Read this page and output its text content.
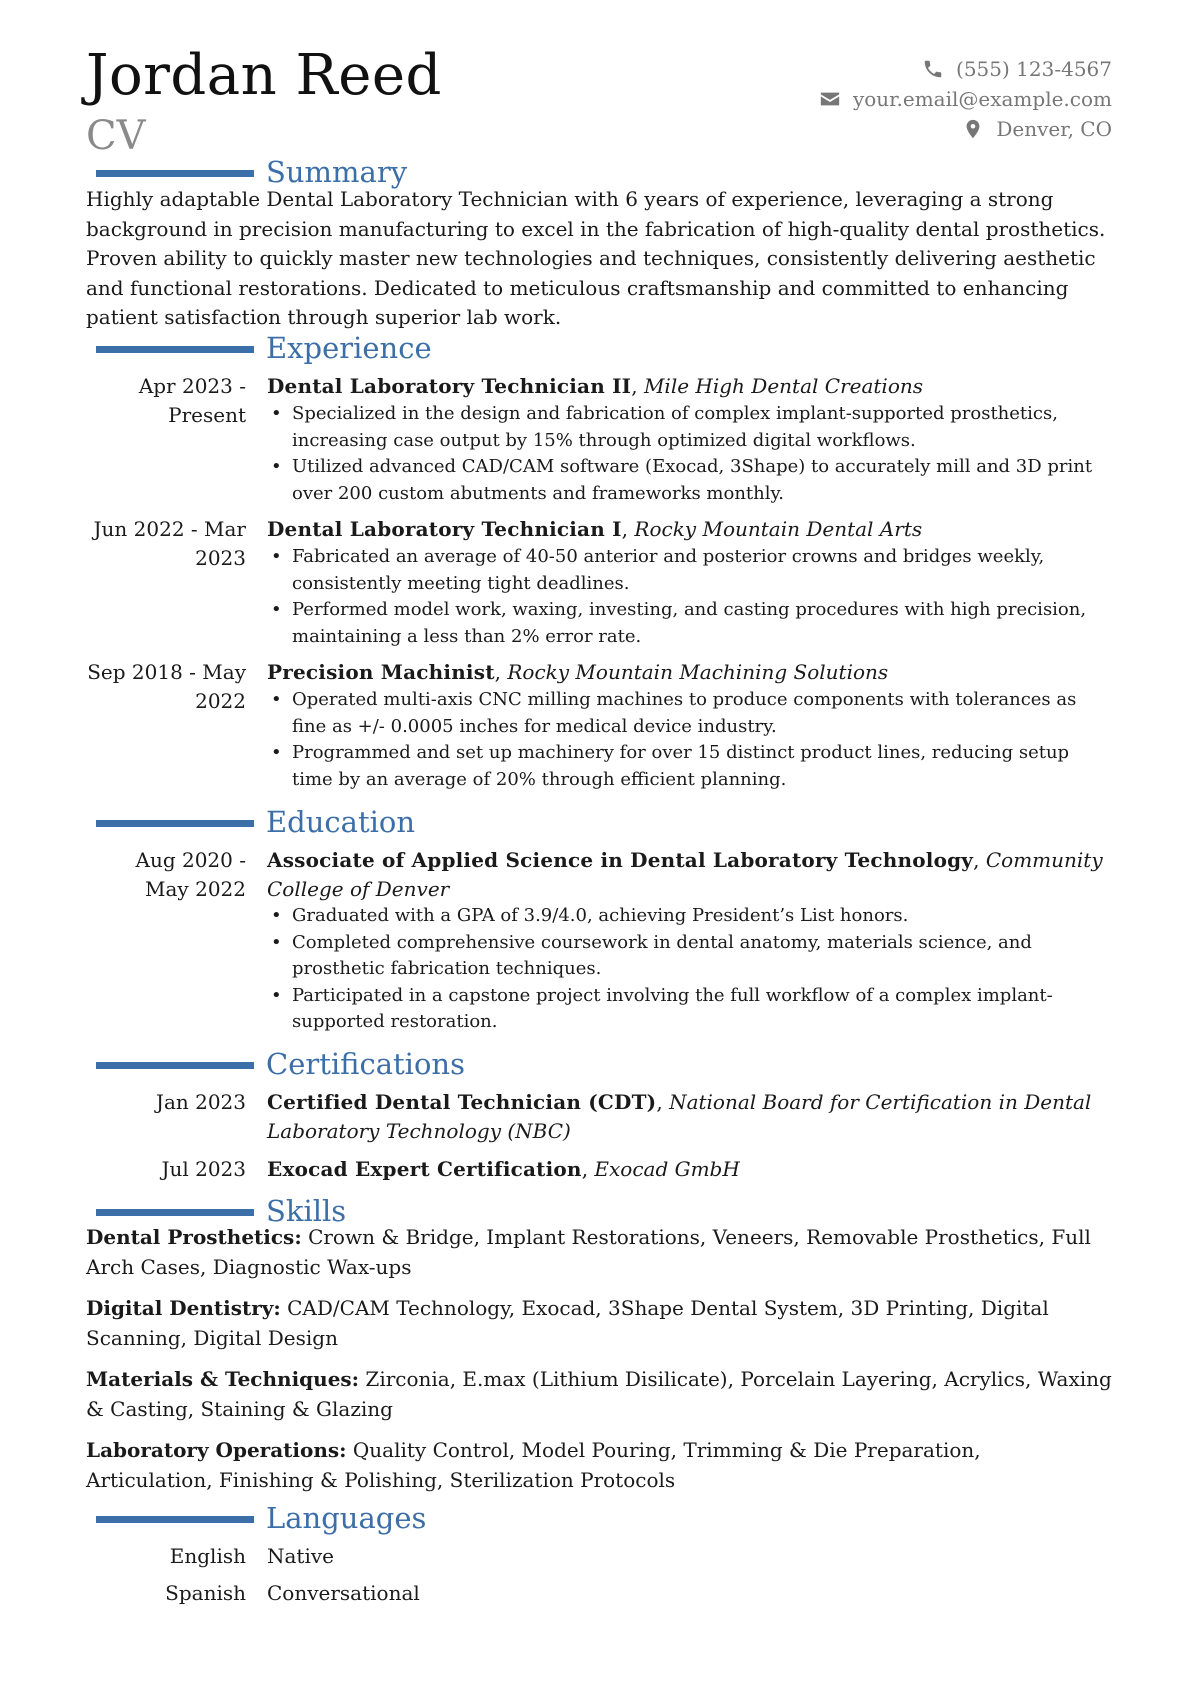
Jordan Reed
CV
(555) 123-4567
your.email@example.com
Denver, CO
Summary
Highly adaptable Dental Laboratory Technician with 6 years of experience, leveraging a strong background in precision manufacturing to excel in the fabrication of high-quality dental prosthetics. Proven ability to quickly master new technologies and techniques, consistently delivering aesthetic and functional restorations. Dedicated to meticulous craftsmanship and committed to enhancing patient satisfaction through superior lab work.
Experience
Apr 2023 - Present
Dental Laboratory Technician II, Mile High Dental Creations
• Specialized in the design and fabrication of complex implant-supported prosthetics, increasing case output by 15% through optimized digital workflows.
• Utilized advanced CAD/CAM software (Exocad, 3Shape) to accurately mill and 3D print over 200 custom abutments and frameworks monthly.
Jun 2022 - Mar 2023
Dental Laboratory Technician I, Rocky Mountain Dental Arts
• Fabricated an average of 40-50 anterior and posterior crowns and bridges weekly, consistently meeting tight deadlines.
• Performed model work, waxing, investing, and casting procedures with high precision, maintaining a less than 2% error rate.
Sep 2018 - May 2022
Precision Machinist, Rocky Mountain Machining Solutions
• Operated multi-axis CNC milling machines to produce components with tolerances as fine as +/- 0.0005 inches for medical device industry.
• Programmed and set up machinery for over 15 distinct product lines, reducing setup time by an average of 20% through efficient planning.
Education
Aug 2020 - May 2022
Associate of Applied Science in Dental Laboratory Technology, Community College of Denver
• Graduated with a GPA of 3.9/4.0, achieving President’s List honors.
• Completed comprehensive coursework in dental anatomy, materials science, and prosthetic fabrication techniques.
• Participated in a capstone project involving the full workflow of a complex implant-supported restoration.
Certifications
Jan 2023 Certified Dental Technician (CDT), National Board for Certification in Dental Laboratory Technology (NBC)
Jul 2023 Exocad Expert Certification, Exocad GmbH
Skills
Dental Prosthetics: Crown & Bridge, Implant Restorations, Veneers, Removable Prosthetics, Full Arch Cases, Diagnostic Wax-ups
Digital Dentistry: CAD/CAM Technology, Exocad, 3Shape Dental System, 3D Printing, Digital Scanning, Digital Design
Materials & Techniques: Zirconia, E.max (Lithium Disilicate), Porcelain Layering, Acrylics, Waxing & Casting, Staining & Glazing
Laboratory Operations: Quality Control, Model Pouring, Trimming & Die Preparation, Articulation, Finishing & Polishing, Sterilization Protocols
Languages
English Native
Spanish Conversational
